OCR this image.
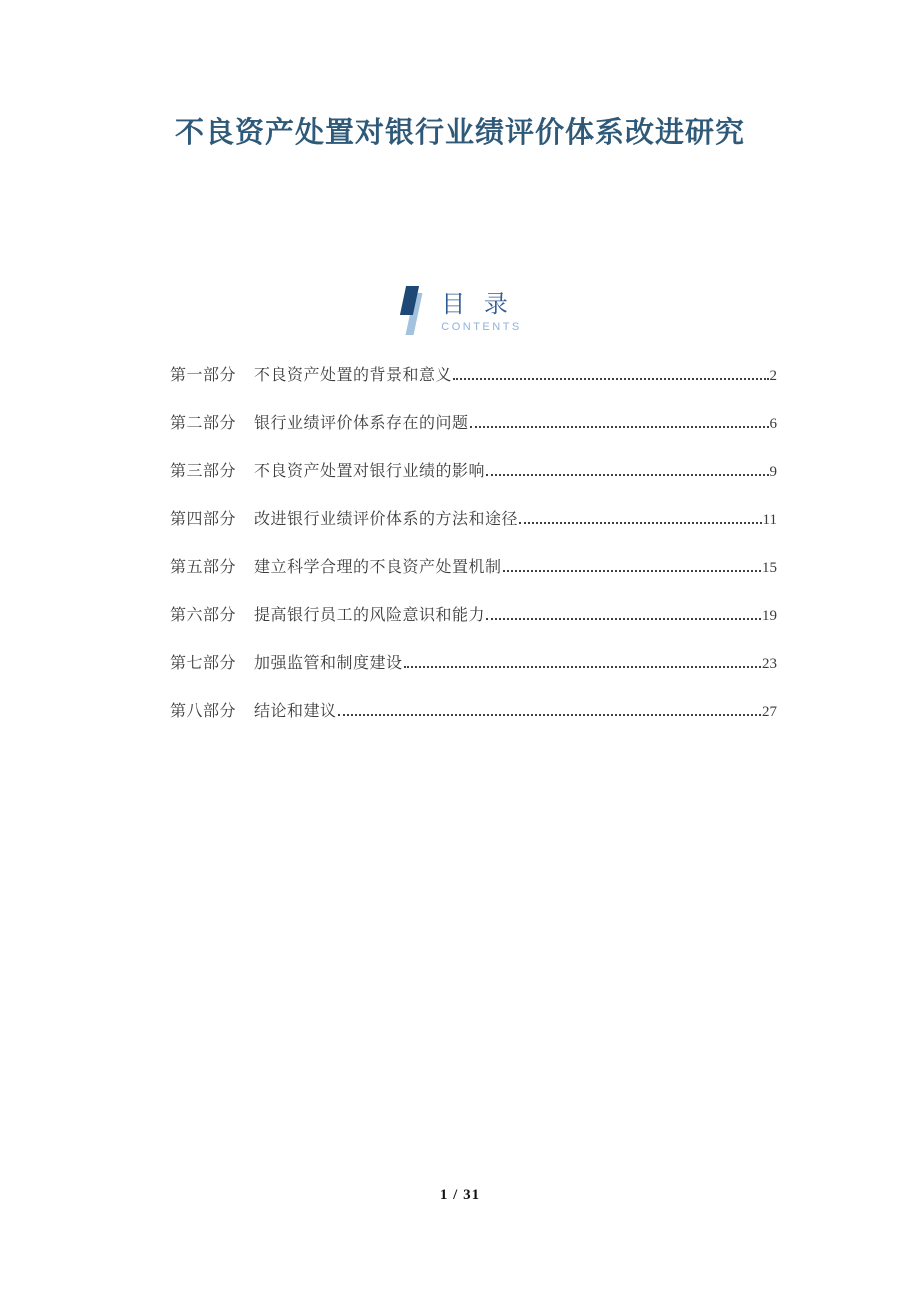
不良资产处置对银行业绩评价体系改进研究
目 录
CONTENTS
第一部分 不良资产处置的背景和意义	2
第二部分 银行业绩评价体系存在的问题	6
第三部分 不良资产处置对银行业绩的影响	9
第四部分 改进银行业绩评价体系的方法和途径	11
第五部分 建立科学合理的不良资产处置机制	15
第六部分 提高银行员工的风险意识和能力	19
第七部分 加强监管和制度建设	23
第八部分 结论和建议	27
1 / 31
